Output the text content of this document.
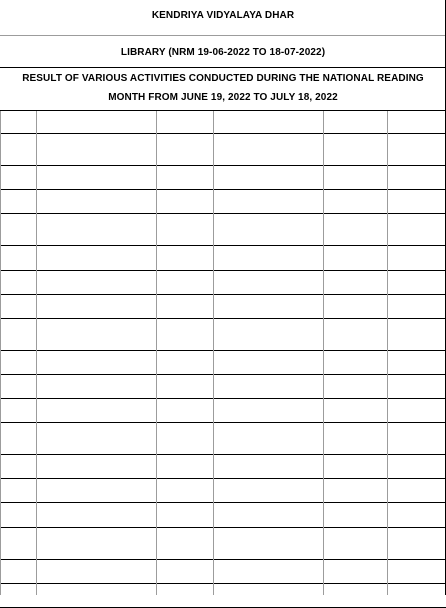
KENDRIYA VIDYALAYA DHAR
LIBRARY (NRM 19-06-2022 TO 18-07-2022)
RESULT OF VARIOUS ACTIVITIES CONDUCTED DURING THE NATIONAL READING
MONTH FROM JUNE 19, 2022 TO JULY 18, 2022
